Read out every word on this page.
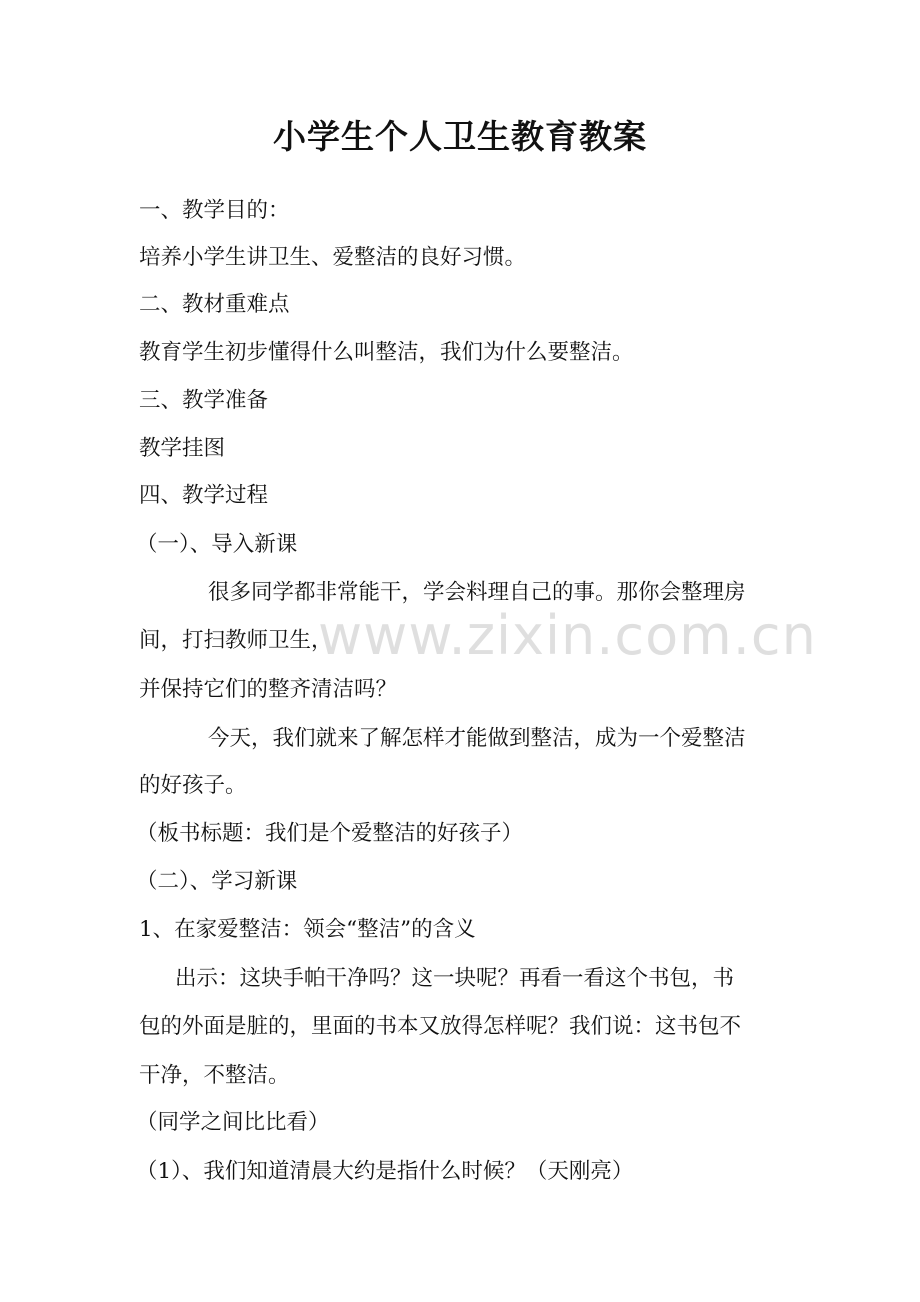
小学生个人卫生教育教案
一、教学目的：
培养小学生讲卫生、爱整洁的良好习惯。
二、教材重难点
教育学生初步懂得什么叫整洁，我们为什么要整洁。
三、教学准备
教学挂图
四、教学过程
（一）、导入新课
很多同学都非常能干，学会料理自己的事。那你会整理房
间，打扫教师卫生，
并保持它们的整齐清洁吗？
今天，我们就来了解怎样才能做到整洁，成为一个爱整洁
的好孩子。
（板书标题：我们是个爱整洁的好孩子）
（二）、学习新课
1、在家爱整洁：领会“整洁”的含义
出示：这块手帕干净吗？这一块呢？再看一看这个书包，书
包的外面是脏的，里面的书本又放得怎样呢？我们说：这书包不
干净，不整洁。
（同学之间比比看）
（1）、我们知道清晨大约是指什么时候？（天刚亮）
www.zixin.com.cn
